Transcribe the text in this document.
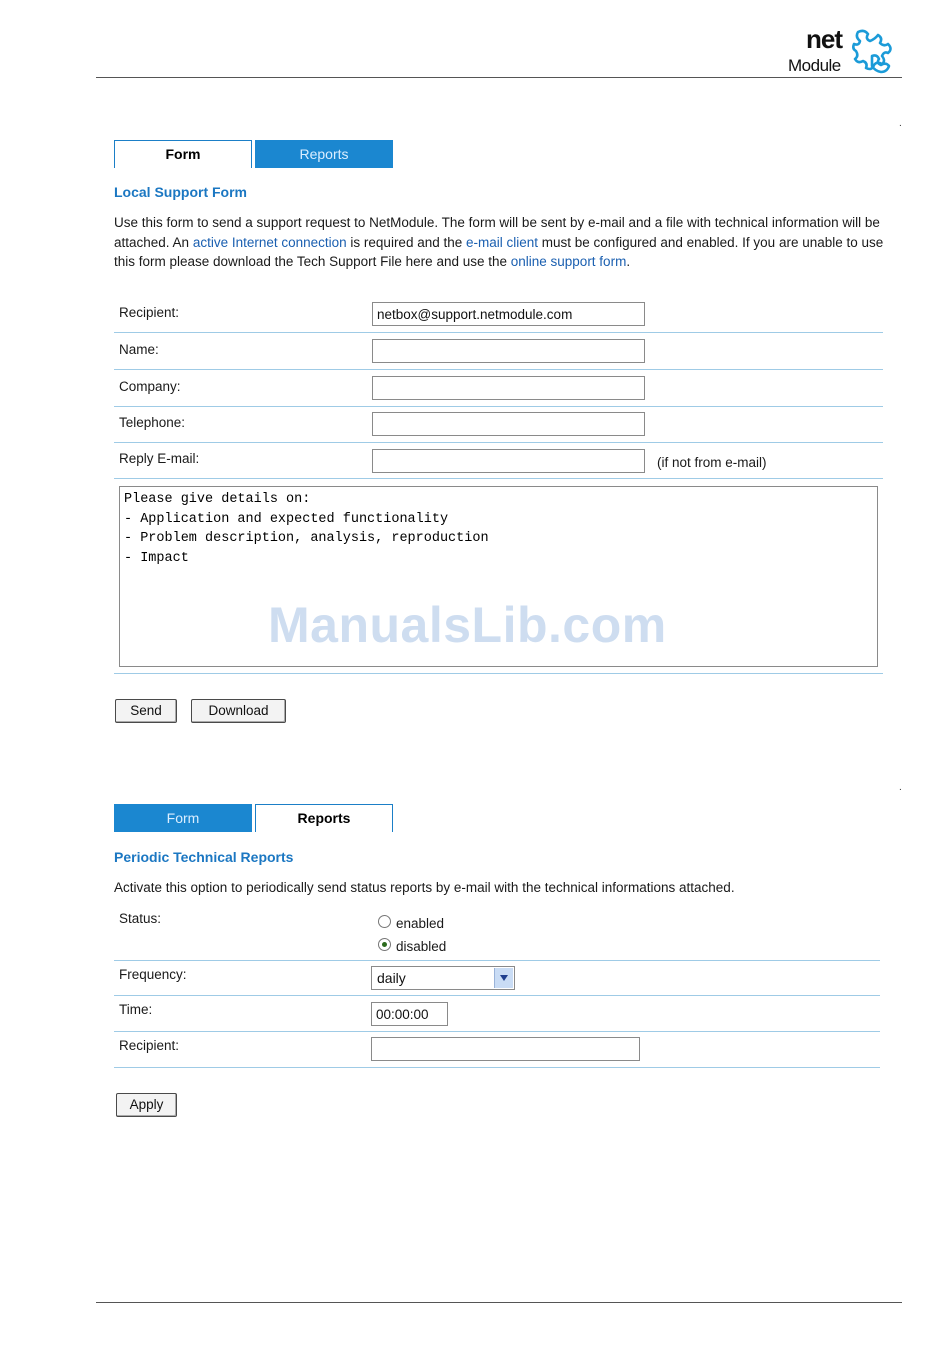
net
Module
.
Form	Reports
Local Support Form
Use this form to send a support request to NetModule. The form will be sent by e-mail and a file with technical information will be attached. An active Internet connection is required and the e-mail client must be configured and enabled. If you are unable to use this form please download the Tech Support File here and use the online support form.
Recipient:
netbox@support.netmodule.com
Name:
Company:
Telephone:
Reply E-mail:	(if not from e-mail)
Please give details on:
- Application and expected functionality
- Problem description, analysis, reproduction
- Impact
ManualsLib.com
Send	Download
.
Form	Reports
Periodic Technical Reports
Activate this option to periodically send status reports by e-mail with the technical informations attached.
Status:	enabled
disabled
Frequency:	daily
Time:
00:00:00
Recipient:
Apply
